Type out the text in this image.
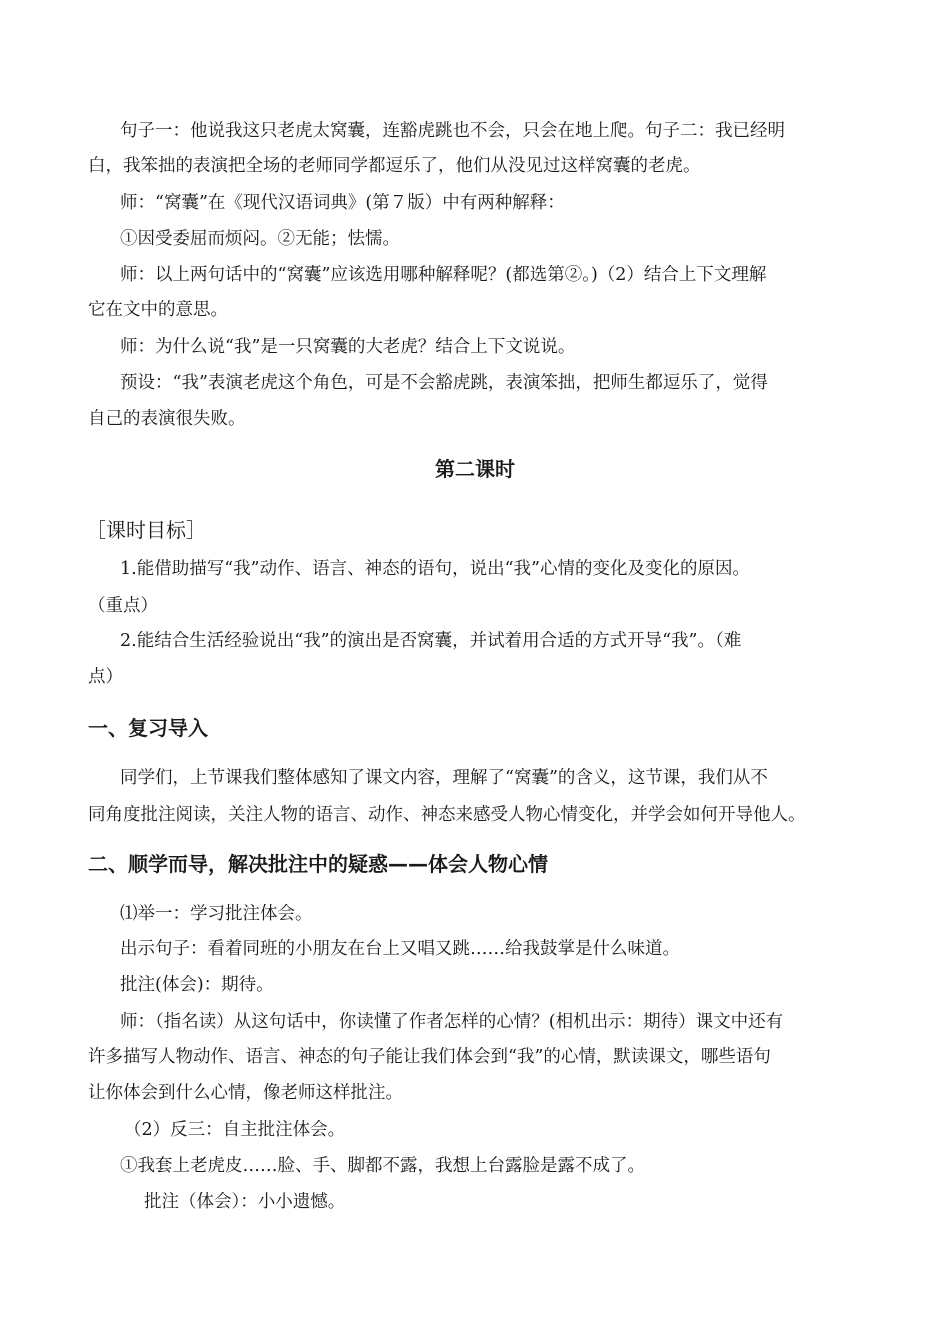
句子一：他说我这只老虎太窝囊，连豁虎跳也不会，只会在地上爬。句子二：我已经明
白，我笨拙的表演把全场的老师同学都逗乐了，他们从没见过这样窝囊的老虎。
师：“窝囊”在《现代汉语词典》(第７版）中有两种解释：
①因受委屈而烦闷。②无能；怯懦。
师：以上两句话中的“窝囊”应该选用哪种解释呢？(都选第②。)（2）结合上下文理解
它在文中的意思。
师：为什么说“我”是一只窝囊的大老虎？结合上下文说说。
预设：“我”表演老虎这个角色，可是不会豁虎跳，表演笨拙，把师生都逗乐了，觉得
自己的表演很失败。
第二课时
［课时目标］
1.能借助描写“我”动作、语言、神态的语句，说出“我”心情的变化及变化的原因。
（重点）
2.能结合生活经验说出“我”的演出是否窝囊，并试着用合适的方式开导“我”。（难
点）
一、复习导入
同学们，上节课我们整体感知了课文内容，理解了“窝囊”的含义，这节课，我们从不
同角度批注阅读，关注人物的语言、动作、神态来感受人物心情变化，并学会如何开导他人。
二、顺学而导，解决批注中的疑惑——体会人物心情
⑴举一：学习批注体会。
出示句子：看着同班的小朋友在台上又唱又跳……给我鼓掌是什么味道。
批注(体会)：期待。
师：（指名读）从这句话中，你读懂了作者怎样的心情？(相机出示：期待）课文中还有
许多描写人物动作、语言、神态的句子能让我们体会到“我”的心情，默读课文，哪些语句
让你体会到什么心情，像老师这样批注。
（2）反三：自主批注体会。
①我套上老虎皮……脸、手、脚都不露，我想上台露脸是露不成了。
批注（体会）：小小遗憾。
